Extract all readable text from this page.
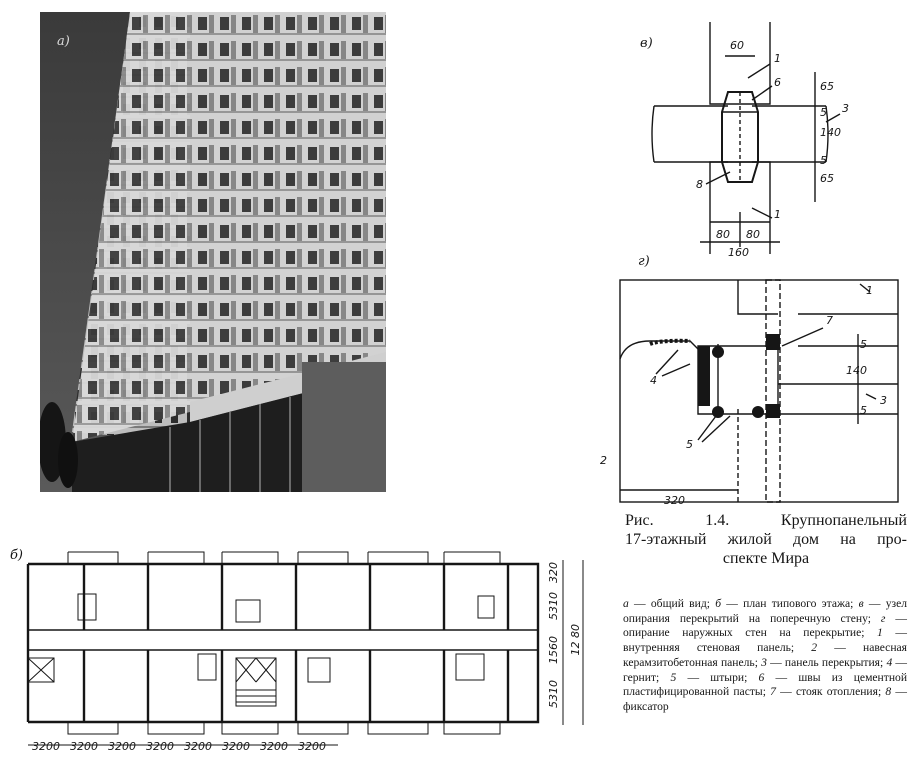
а)	в)	60
1
6
3
8
1
65
5
140
5
65
80 80
160
г)
1
7
4
2
5
3
5
140
5
320
б)
3200 3200 3200 3200 3200 3200 3200 3200
320
5310
1560
5310
12 80
Рис. 1.4. Крупнопанельный
17-этажный жилой дом на про-
спекте Мира
а — общий вид; б — план типового этажа; в — узел опирания перекрытий на поперечную стену; г — опирание наружных стен на перекрытие; 1 — внутренняя стеновая панель; 2 — навесная керамзитобетонная панель; 3 — панель перекрытия; 4 — гернит; 5 — штыри; 6 — швы из цементной пластифицированной пасты; 7 — стояк отопления; 8 — фиксатор
